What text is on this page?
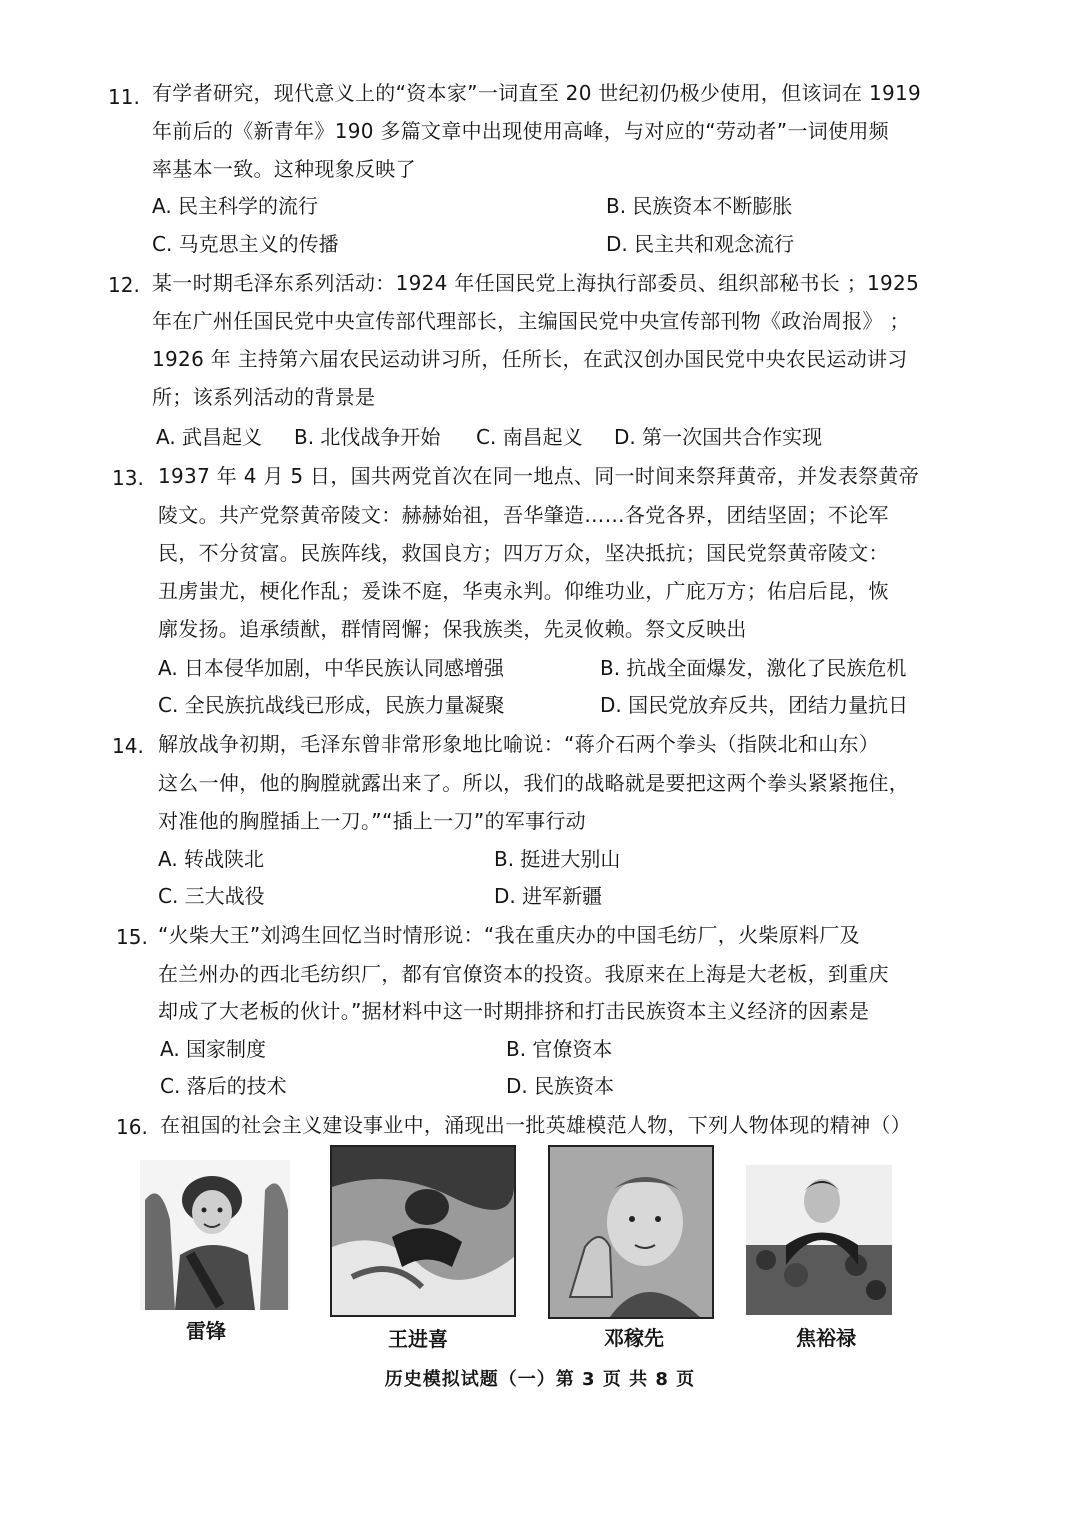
11. 有学者研究，现代意义上的“资本家”一词直至 20 世纪初仍极少使用，但该词在 1919
年前后的《新青年》190 多篇文章中出现使用高峰，与对应的“劳动者”一词使用频
率基本一致。这种现象反映了
A. 民主科学的流行	B. 民族资本不断膨胀
C. 马克思主义的传播	D. 民主共和观念流行
12. 某一时期毛泽东系列活动：1924 年任国民党上海执行部委员、组织部秘书长 ；1925
年在广州任国民党中央宣传部代理部长，主编国民党中央宣传部刊物《政治周报》 ；
1926 年 主持第六届农民运动讲习所，任所长，在武汉创办国民党中央农民运动讲习
所；该系列活动的背景是
A. 武昌起义 B. 北伐战争开始 C. 南昌起义 D. 第一次国共合作实现
13. 1937 年 4 月 5 日，国共两党首次在同一地点、同一时间来祭拜黄帝，并发表祭黄帝
陵文。共产党祭黄帝陵文：赫赫始祖，吾华肇造……各党各界，团结坚固；不论军
民，不分贫富。民族阵线，救国良方；四万万众，坚决抵抗；国民党祭黄帝陵文：
丑虏蚩尤，梗化作乱；爰诛不庭，华夷永判。仰维功业，广庇万方；佑启后昆，恢
廓发扬。追承绩猷，群情罔懈；保我族类，先灵攸赖。祭文反映出
A. 日本侵华加剧，中华民族认同感增强	B. 抗战全面爆发，激化了民族危机
C. 全民族抗战线已形成，民族力量凝聚	D. 国民党放弃反共，团结力量抗日
14. 解放战争初期，毛泽东曾非常形象地比喻说：“蒋介石两个拳头（指陕北和山东）
这么一伸，他的胸膛就露出来了。所以，我们的战略就是要把这两个拳头紧紧拖住，
对准他的胸膛插上一刀。”“插上一刀”的军事行动
A. 转战陕北	B. 挺进大别山
C. 三大战役	D. 进军新疆
15. “火柴大王”刘鸿生回忆当时情形说：“我在重庆办的中国毛纺厂，火柴原料厂及
在兰州办的西北毛纺织厂，都有官僚资本的投资。我原来在上海是大老板，到重庆
却成了大老板的伙计。”据材料中这一时期排挤和打击民族资本主义经济的因素是
A. 国家制度	B. 官僚资本
C. 落后的技术	D. 民族资本
16. 在祖国的社会主义建设事业中，涌现出一批英雄模范人物，下列人物体现的精神（）
雷锋	王进喜	邓稼先	焦裕禄
历史模拟试题（一）第 3 页 共 8 页
